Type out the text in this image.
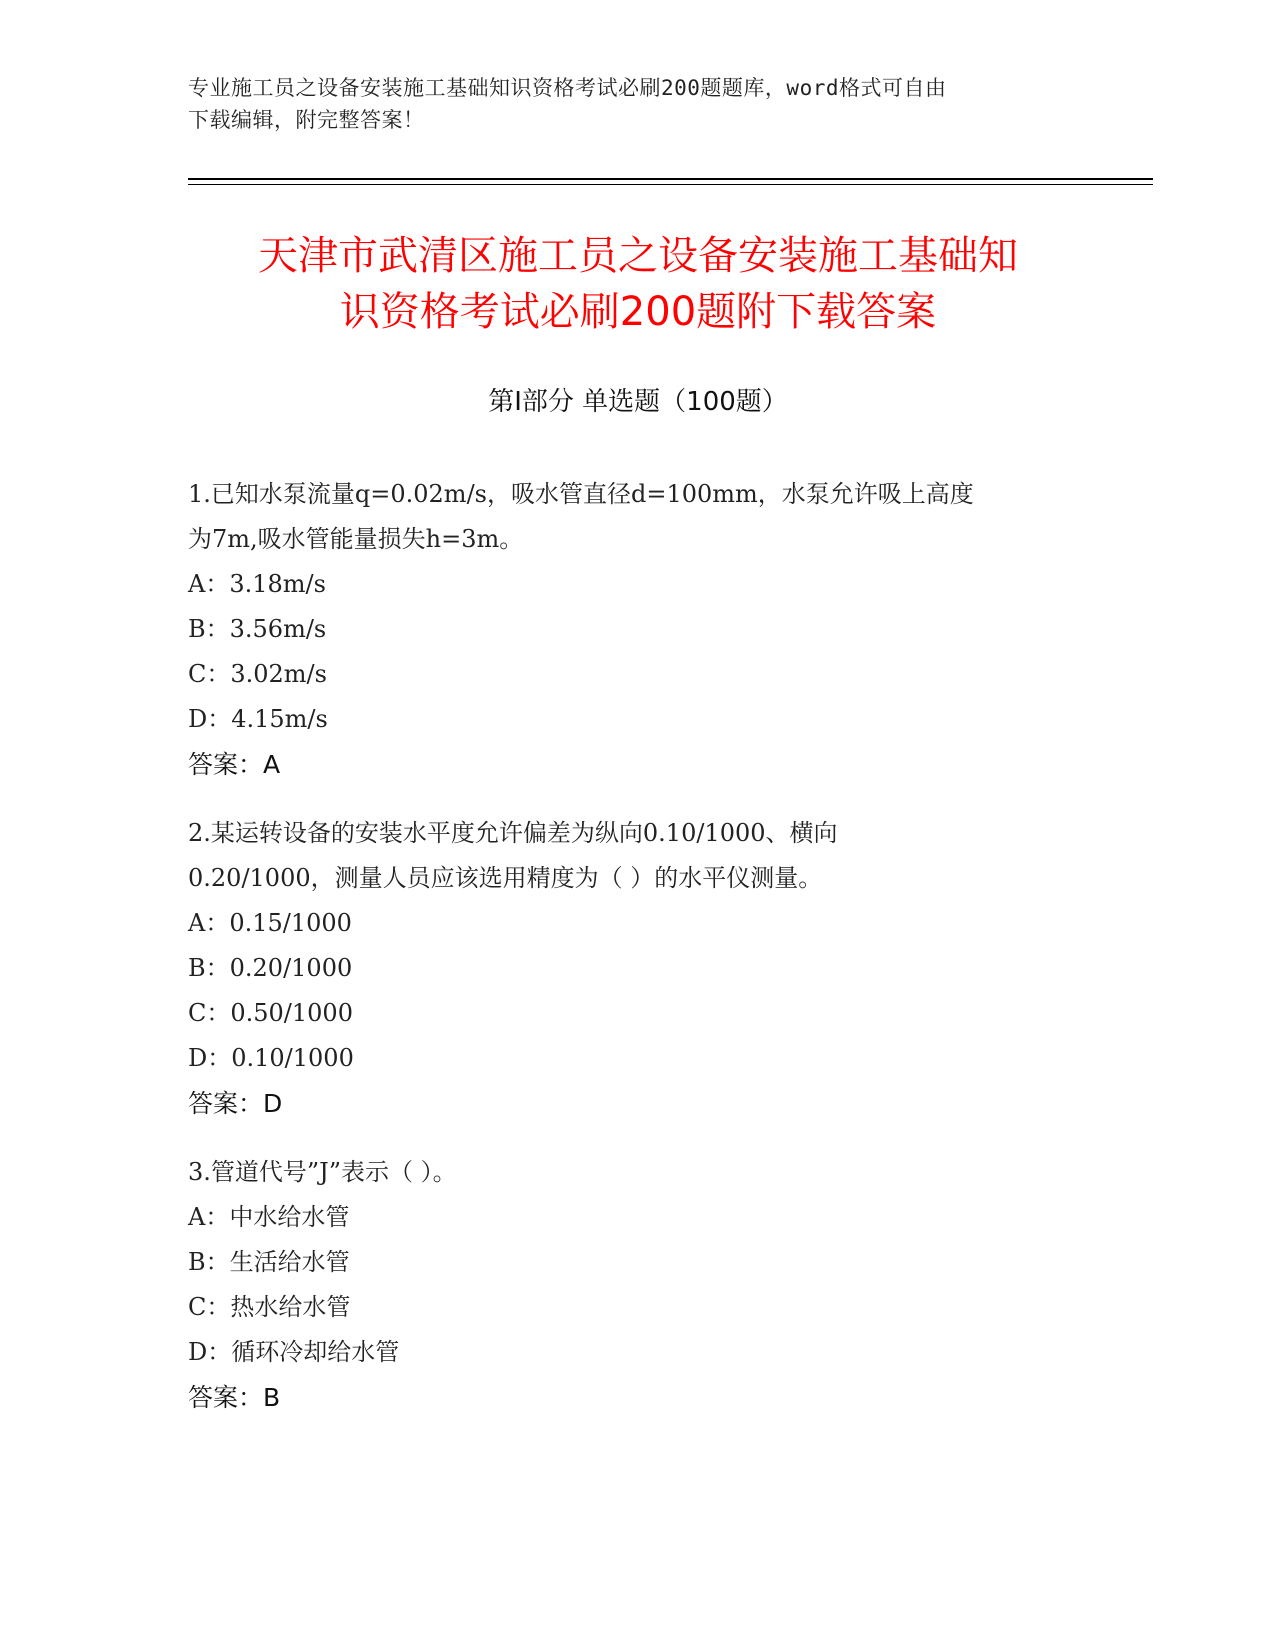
专业施工员之设备安装施工基础知识资格考试必刷200题题库，word格式可自由
下载编辑，附完整答案！
天津市武清区施工员之设备安装施工基础知
识资格考试必刷200题附下载答案
第Ⅰ部分 单选题（100题）
1.已知水泵流量q=0.02m/s，吸水管直径d=100mm，水泵允许吸上高度
为7m,吸水管能量损失h=3m。
A：3.18m/s
B：3.56m/s
C：3.02m/s
D：4.15m/s
答案：A
2.某运转设备的安装水平度允许偏差为纵向0.10/1000、横向
0.20/1000，测量人员应该选用精度为（ ）的水平仪测量。
A：0.15/1000
B：0.20/1000
C：0.50/1000
D：0.10/1000
答案：D
3.管道代号”J”表示（ ）。
A：中水给水管
B：生活给水管
C：热水给水管
D：循环冷却给水管
答案：B
